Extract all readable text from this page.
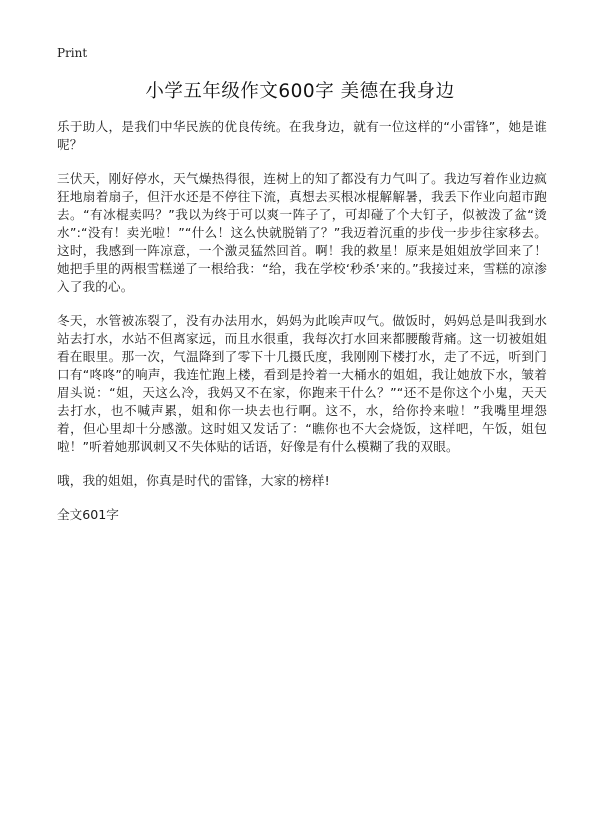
Print
小学五年级作文600字 美德在我身边

乐于助人，是我们中华民族的优良传统。在我身边，就有一位这样的“小雷锋”，她是谁呢？

三伏天，刚好停水，天气燥热得很，连树上的知了都没有力气叫了。我边写着作业边疯狂地扇着扇子，但汗水还是不停往下流，真想去买根冰棍解解暑，我丢下作业向超市跑去。“有冰棍卖吗？”我以为终于可以爽一阵子了，可却碰了个大钉子，似被泼了盆“烫水”:“没有！卖光啦！”“什么！这么快就脱销了？”我迈着沉重的步伐一步步往家移去。这时，我感到一阵凉意，一个激灵猛然回首。啊！我的救星！原来是姐姐放学回来了！她把手里的两根雪糕递了一根给我：“给，我在学校‘秒杀’来的。”我接过来，雪糕的凉渗入了我的心。

冬天，水管被冻裂了，没有办法用水，妈妈为此唉声叹气。做饭时，妈妈总是叫我到水站去打水，水站不但离家远，而且水很重，我每次打水回来都腰酸背痛。这一切被姐姐看在眼里。那一次，气温降到了零下十几摄氏度，我刚刚下楼打水，走了不远，听到门口有“咚咚”的响声，我连忙跑上楼，看到是拎着一大桶水的姐姐，我让她放下水，皱着眉头说：“姐，天这么冷，我妈又不在家，你跑来干什么？”“还不是你这个小鬼，天天去打水，也不喊声累，姐和你一块去也行啊。这不，水，给你拎来啦！”我嘴里埋怨着，但心里却十分感激。这时姐又发话了：“瞧你也不大会烧饭，这样吧，午饭，姐包啦！”听着她那讽刺又不失体贴的话语，好像是有什么模糊了我的双眼。

哦，我的姐姐，你真是时代的雷锋，大家的榜样!

全文601字
